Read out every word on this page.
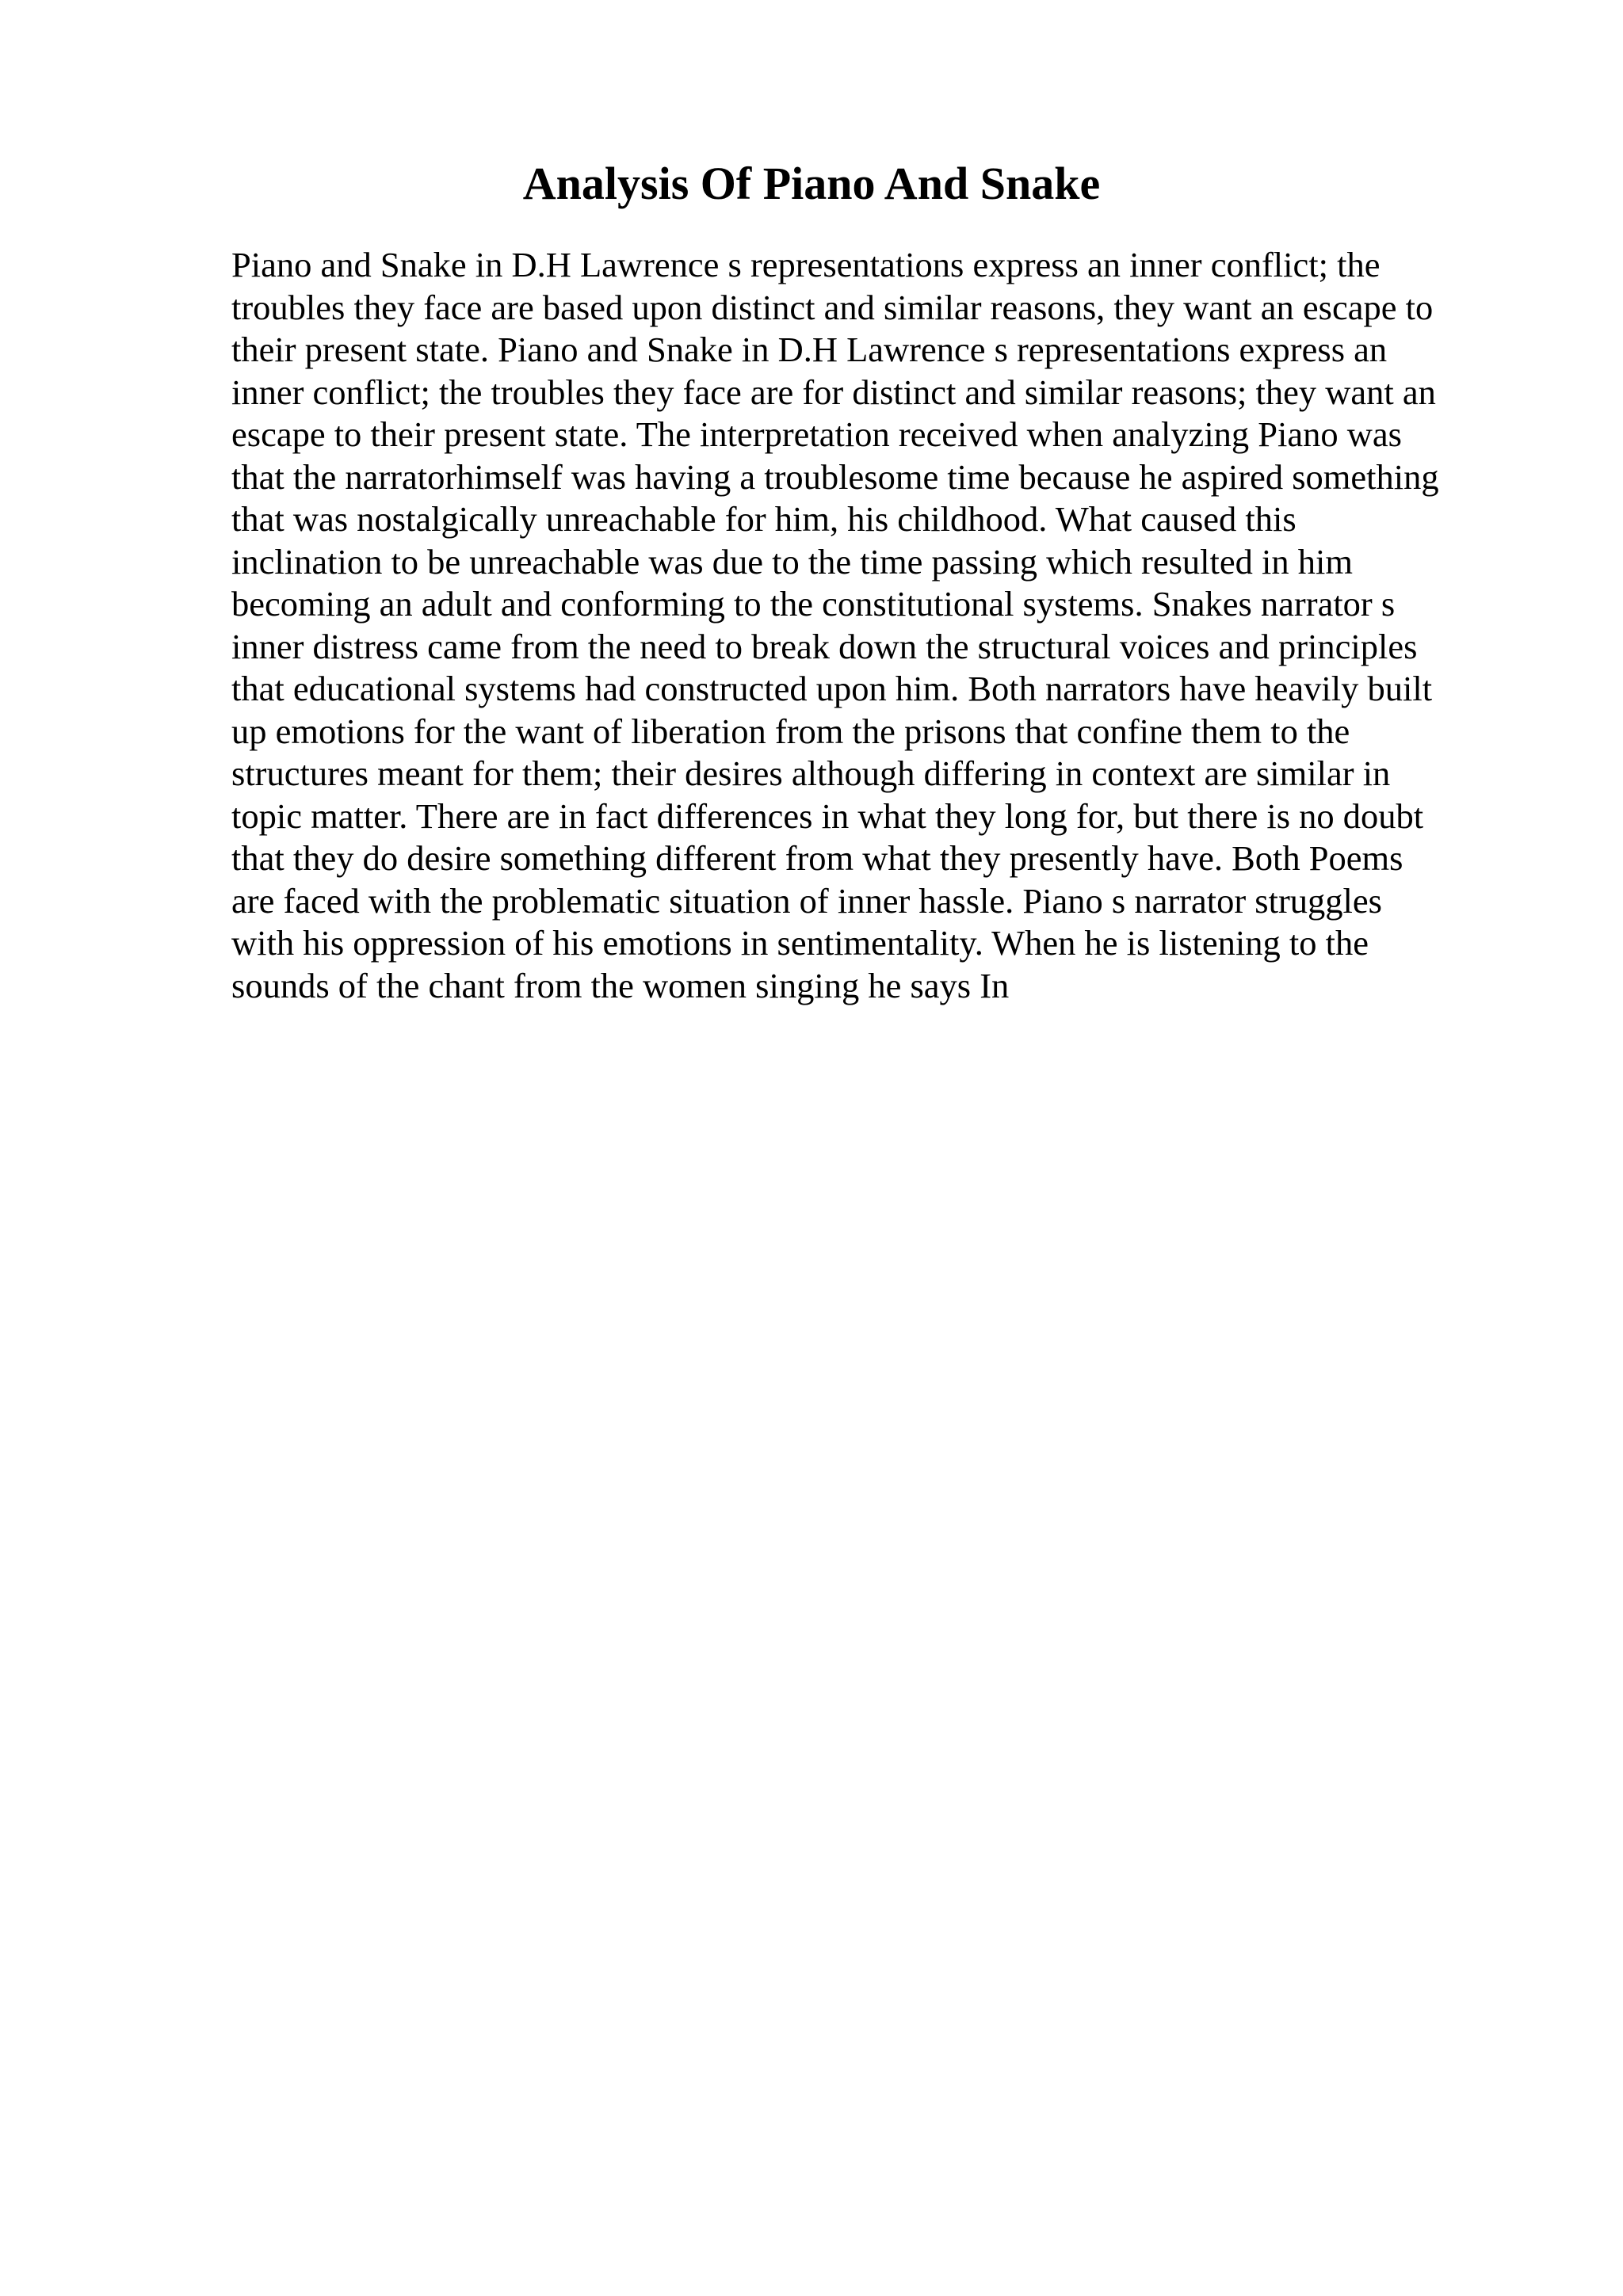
Analysis Of Piano And Snake
Piano and Snake in D.H Lawrence s representations express an inner conflict; the
troubles they face are based upon distinct and similar reasons, they want an escape to
their present state. Piano and Snake in D.H Lawrence s representations express an
inner conflict; the troubles they face are for distinct and similar reasons; they want an
escape to their present state. The interpretation received when analyzing Piano was
that the narratorhimself was having a troublesome time because he aspired something
that was nostalgically unreachable for him, his childhood. What caused this
inclination to be unreachable was due to the time passing which resulted in him
becoming an adult and conforming to the constitutional systems. Snakes narrator s
inner distress came from the need to break down the structural voices and principles
that educational systems had constructed upon him. Both narrators have heavily built
up emotions for the want of liberation from the prisons that confine them to the
structures meant for them; their desires although differing in context are similar in
topic matter. There are in fact differences in what they long for, but there is no doubt
that they do desire something different from what they presently have. Both Poems
are faced with the problematic situation of inner hassle. Piano s narrator struggles
with his oppression of his emotions in sentimentality. When he is listening to the
sounds of the chant from the women singing he says In
